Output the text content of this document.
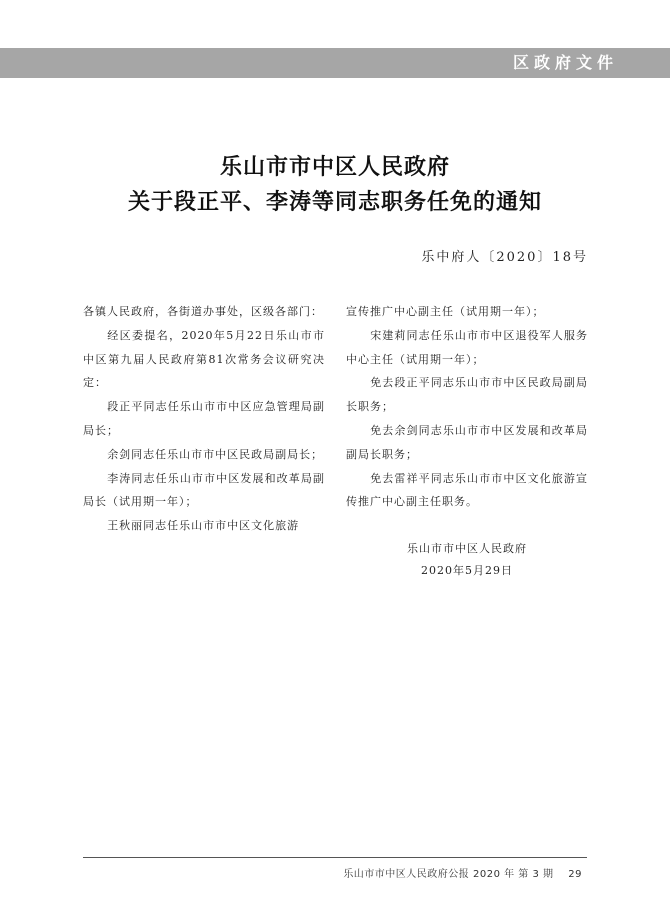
区政府文件
乐山市市中区人民政府
关于段正平、李涛等同志职务任免的通知
乐中府人〔2020〕18号

各镇人民政府，各街道办事处，区级各部门：

经区委提名，2020年5月22日乐山市市中区第九届人民政府第81次常务会议研究决定：

段正平同志任乐山市市中区应急管理局副局长；

余剑同志任乐山市市中区民政局副局长；

李涛同志任乐山市市中区发展和改革局副局长（试用期一年）；

王秋丽同志任乐山市市中区文化旅游

宣传推广中心副主任（试用期一年）；

宋建莉同志任乐山市市中区退役军人服务中心主任（试用期一年）；

免去段正平同志乐山市市中区民政局副局长职务；

免去余剑同志乐山市市中区发展和改革局副局长职务；

免去雷祥平同志乐山市市中区文化旅游宣传推广中心副主任职务。

乐山市市中区人民政府
2020年5月29日
乐山市市中区人民政府公报 2020 年 第 3 期 29
